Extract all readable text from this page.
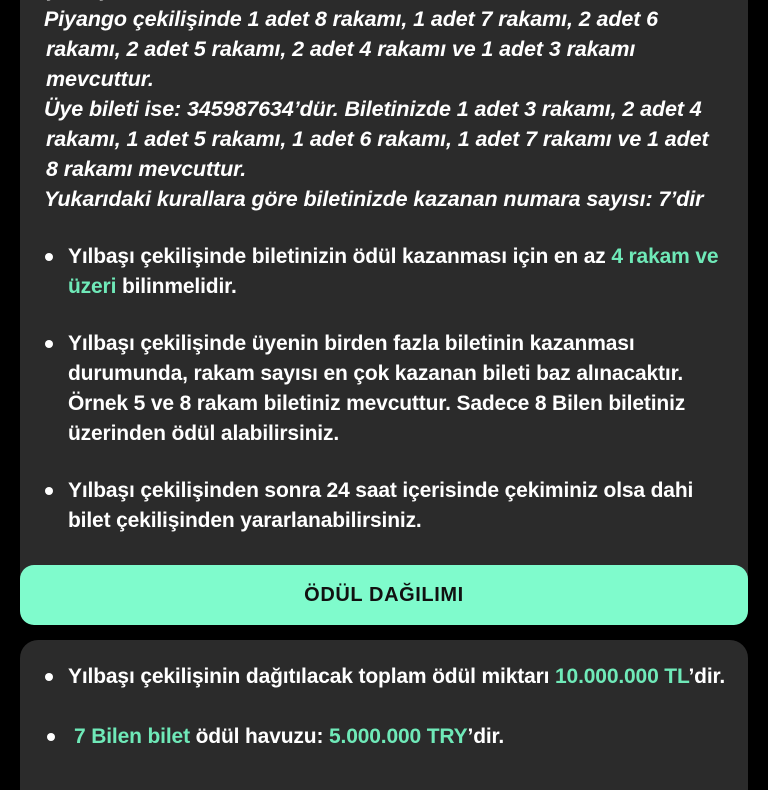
Piyango çekilişinde 1 adet 8 rakamı, 1 adet 7 rakamı, 2 adet 6 rakamı, 2 adet 5 rakamı, 2 adet 4 rakamı ve 1 adet 3 rakamı mevcuttur.

Üye bileti ise: 345987634’dür. Biletinizde 1 adet 3 rakamı, 2 adet 4 rakamı, 1 adet 5 rakamı, 1 adet 6 rakamı, 1 adet 7 rakamı ve 1 adet 8 rakamı mevcuttur.

Yukarıdaki kurallara göre biletinizde kazanan numara sayısı: 7’dir

Yılbaşı çekilişinde biletinizin ödül kazanması için en az 4 rakam ve üzeri bilinmelidir.
Yılbaşı çekilişinde üyenin birden fazla biletinin kazanması durumunda, rakam sayısı en çok kazanan bileti baz alınacaktır. Örnek 5 ve 8 rakam biletiniz mevcuttur. Sadece 8 Bilen biletiniz üzerinden ödül alabilirsiniz.
Yılbaşı çekilişinden sonra 24 saat içerisinde çekiminiz olsa dahi bilet çekilişinden yararlanabilirsiniz.
ÖDÜL DAĞILIMI
Yılbaşı çekilişinin dağıtılacak toplam ödül miktarı 10.000.000 TL’dir.
7 Bilen bilet ödül havuzu: 5.000.000 TRY’dir.
